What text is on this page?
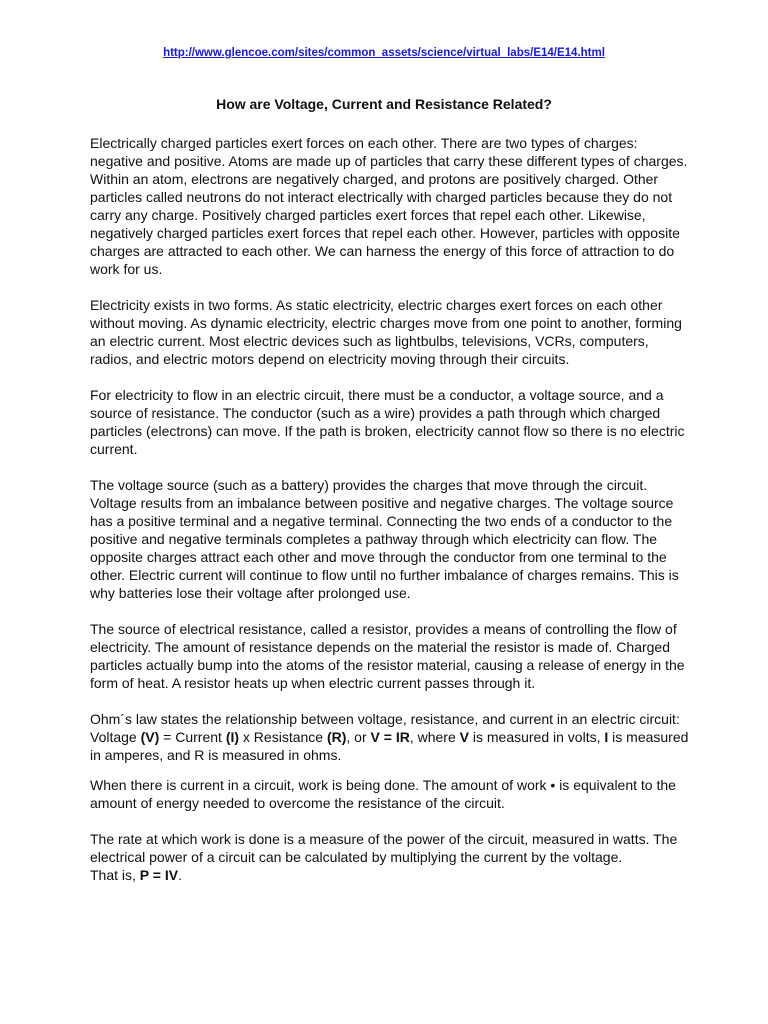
http://www.glencoe.com/sites/common_assets/science/virtual_labs/E14/E14.html
How are Voltage, Current and Resistance Related?

Electrically charged particles exert forces on each other. There are two types of charges: negative and positive. Atoms are made up of particles that carry these different types of charges. Within an atom, electrons are negatively charged, and protons are positively charged. Other particles called neutrons do not interact electrically with charged particles because they do not carry any charge. Positively charged particles exert forces that repel each other. Likewise, negatively charged particles exert forces that repel each other. However, particles with opposite charges are attracted to each other. We can harness the energy of this force of attraction to do work for us.

Electricity exists in two forms. As static electricity, electric charges exert forces on each other without moving. As dynamic electricity, electric charges move from one point to another, forming an electric current. Most electric devices such as lightbulbs, televisions, VCRs, computers, radios, and electric motors depend on electricity moving through their circuits.

For electricity to flow in an electric circuit, there must be a conductor, a voltage source, and a source of resistance. The conductor (such as a wire) provides a path through which charged particles (electrons) can move. If the path is broken, electricity cannot flow so there is no electric current.

The voltage source (such as a battery) provides the charges that move through the circuit. Voltage results from an imbalance between positive and negative charges. The voltage source has a positive terminal and a negative terminal. Connecting the two ends of a conductor to the positive and negative terminals completes a pathway through which electricity can flow. The opposite charges attract each other and move through the conductor from one terminal to the other. Electric current will continue to flow until no further imbalance of charges remains. This is why batteries lose their voltage after prolonged use.

The source of electrical resistance, called a resistor, provides a means of controlling the flow of electricity. The amount of resistance depends on the material the resistor is made of. Charged particles actually bump into the atoms of the resistor material, causing a release of energy in the form of heat. A resistor heats up when electric current passes through it.

Ohm´s law states the relationship between voltage, resistance, and current in an electric circuit: Voltage (V) = Current (I) x Resistance (R), or V = IR, where V is measured in volts, I is measured in amperes, and R is measured in ohms.

When there is current in a circuit, work is being done. The amount of work • is equivalent to the amount of energy needed to overcome the resistance of the circuit.

The rate at which work is done is a measure of the power of the circuit, measured in watts. The electrical power of a circuit can be calculated by multiplying the current by the voltage.That is, P = IV.
